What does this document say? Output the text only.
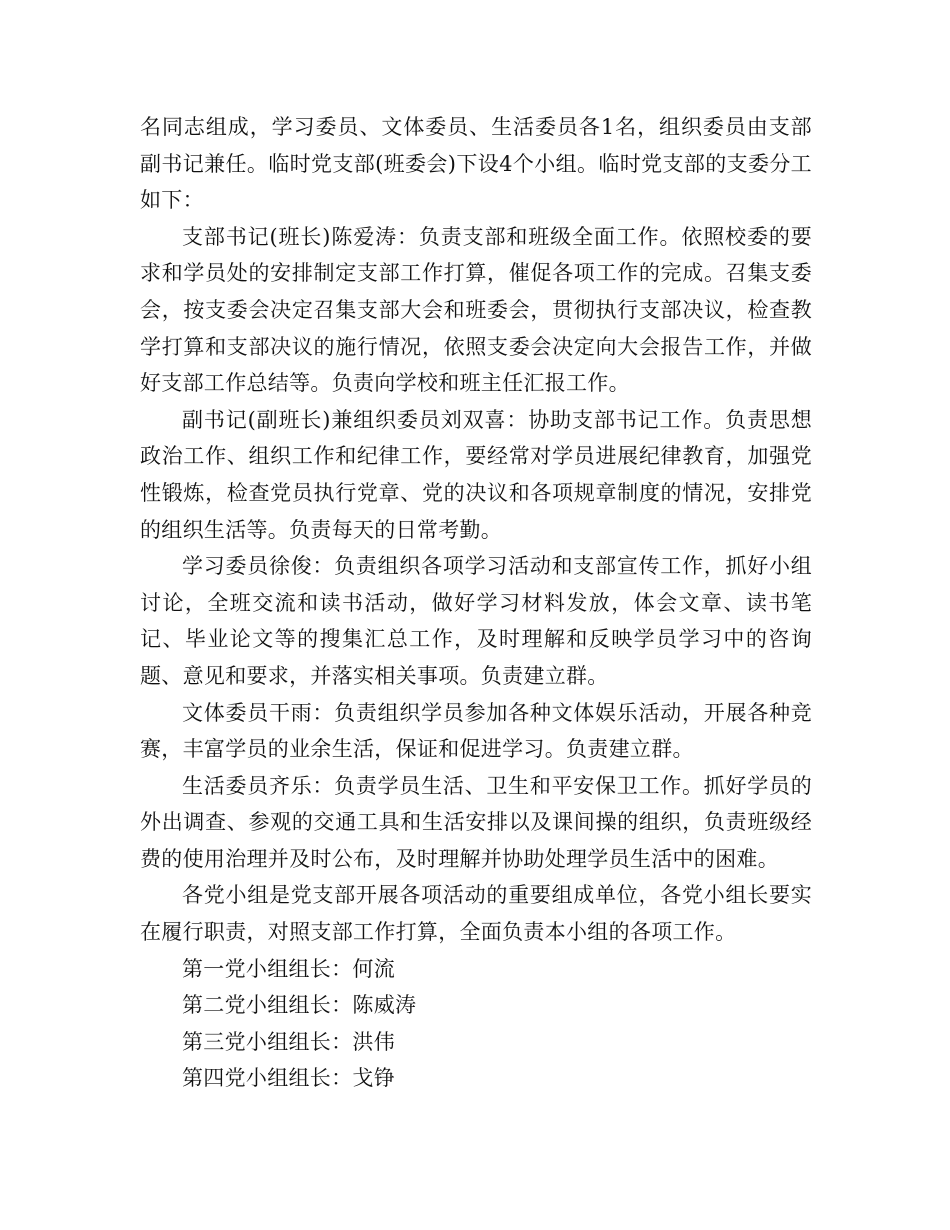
名同志组成，学习委员、文体委员、生活委员各1名，组织委员由支部副书记兼任。临时党支部(班委会)下设4个小组。临时党支部的支委分工如下：

支部书记(班长)陈爱涛：负责支部和班级全面工作。依照校委的要求和学员处的安排制定支部工作打算，催促各项工作的完成。召集支委会，按支委会决定召集支部大会和班委会，贯彻执行支部决议，检查教学打算和支部决议的施行情况，依照支委会决定向大会报告工作，并做好支部工作总结等。负责向学校和班主任汇报工作。

副书记(副班长)兼组织委员刘双喜：协助支部书记工作。负责思想政治工作、组织工作和纪律工作，要经常对学员进展纪律教育，加强党性锻炼，检查党员执行党章、党的决议和各项规章制度的情况，安排党的组织生活等。负责每天的日常考勤。

学习委员徐俊：负责组织各项学习活动和支部宣传工作，抓好小组讨论，全班交流和读书活动，做好学习材料发放，体会文章、读书笔记、毕业论文等的搜集汇总工作，及时理解和反映学员学习中的咨询题、意见和要求，并落实相关事项。负责建立群。

文体委员干雨：负责组织学员参加各种文体娱乐活动，开展各种竞赛，丰富学员的业余生活，保证和促进学习。负责建立群。

生活委员齐乐：负责学员生活、卫生和平安保卫工作。抓好学员的外出调查、参观的交通工具和生活安排以及课间操的组织，负责班级经费的使用治理并及时公布，及时理解并协助处理学员生活中的困难。

各党小组是党支部开展各项活动的重要组成单位，各党小组长要实在履行职责，对照支部工作打算，全面负责本小组的各项工作。

第一党小组组长：何流

第二党小组组长：陈威涛

第三党小组组长：洪伟

第四党小组组长：戈铮
